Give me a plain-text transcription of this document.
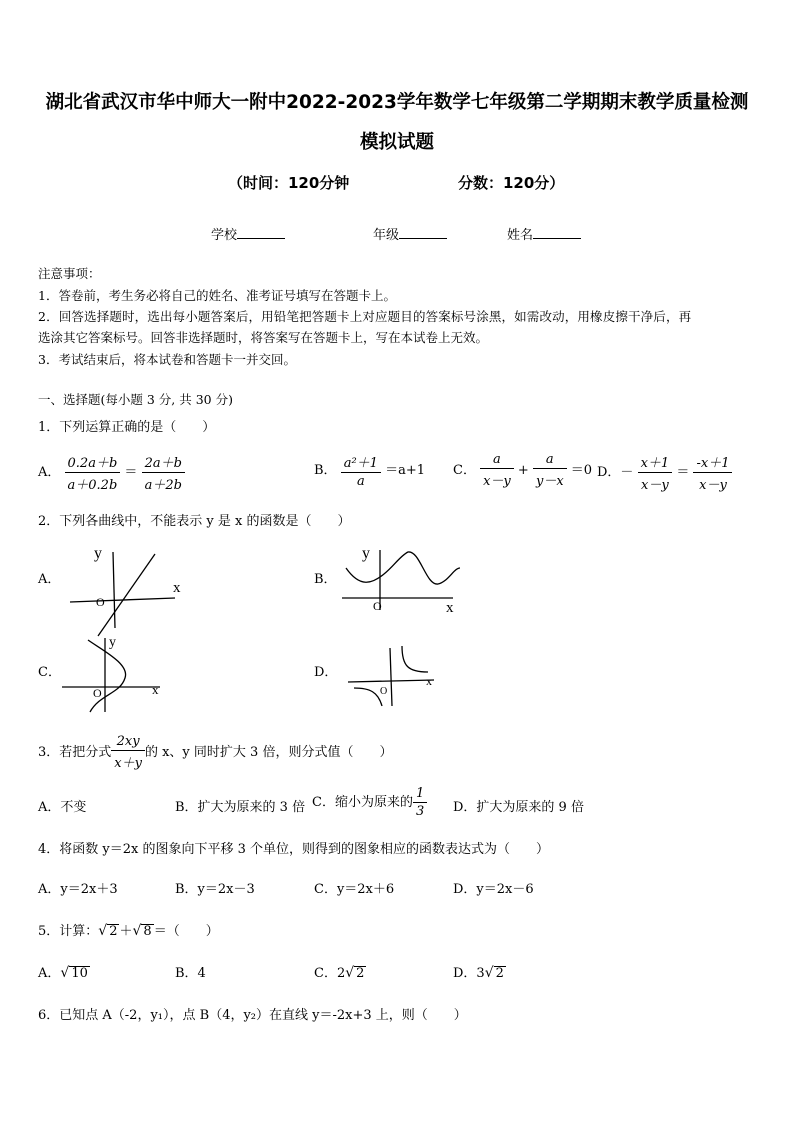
湖北省武汉市华中师大一附中2022-2023学年数学七年级第二学期期末教学质量检测
模拟试题
（时间：120分钟	分数：120分）
学校	年级	姓名
注意事项：
1．答卷前，考生务必将自己的姓名、准考证号填写在答题卡上。
2．回答选择题时，选出每小题答案后，用铅笔把答题卡上对应题目的答案标号涂黑，如需改动，用橡皮擦干净后，再
选涂其它答案标号。回答非选择题时，将答案写在答题卡上，写在本试卷上无效。
3．考试结束后，将本试卷和答题卡一并交回。
一、选择题(每小题 3 分, 共 30 分)
1．下列运算正确的是（　　）
A． $\frac{0.2a+b}{a+0.2b} = \frac{2a+b}{a+2b}$	B． $\frac{\text{a²＋1}}{a} =a+1$ C． $\frac{a}{x-y} + \frac{a}{y-x} =0$ D．－ $\frac{x+1}{x-y} = \frac{-x+1}{x-y}$
2．下列各曲线中，不能表示 y 是 x 的函数是（　　）
A．	B．
C．	D．
y
x
O
y
x
O
y
x
O
x
O
3．若把分式 $\frac{2xy}{x+y}$ 的 x、y 同时扩大 3 倍，则分式值（　　）
A．不变	B．扩大为原来的 3 倍 C．缩小为原来的 $\frac{1}{3}$ D．扩大为原来的 9 倍
4．将函数 y＝2x 的图象向下平移 3 个单位，则得到的图象相应的函数表达式为（　　）
A．y＝2x＋3	B．y＝2x－3	C．y＝2x＋6	D．y＝2x－6
5．计算：√ 2 ＋√ 8 ＝（　　）
A．√ 10	B．4	C．2√ 2	D．3√ 2
6．已知点 A（-2，y₁），点 B（4，y₂）在直线 y＝-2x+3 上，则（　　）
